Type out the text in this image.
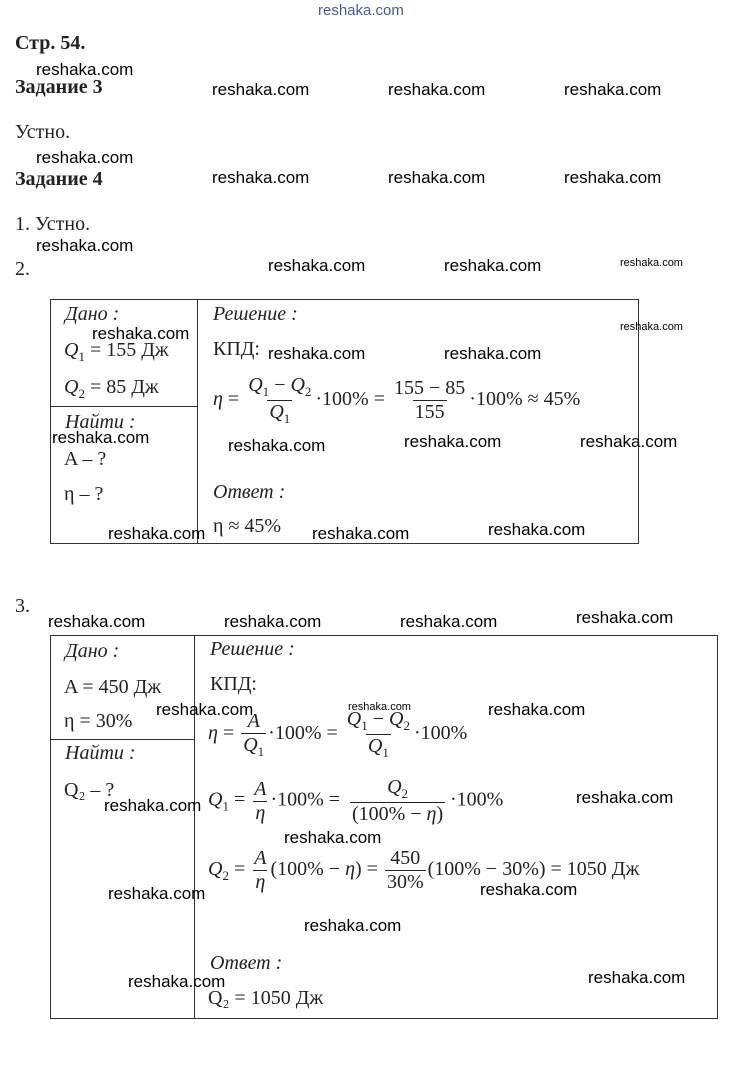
reshaka.com
Стр. 54.
Задание 3
Устно.
Задание 4
1. Устно.
2.
Дано :
$Q_1 = 155$ Дж
$Q_2 = 85$ Дж
Найти :
A – ?
η – ?
Решение :
КПД:
$\eta = \frac{Q_1 - Q_2}{Q_1} \cdot 100\% = \frac{155 - 85}{155} \cdot 100\% \approx 45\%$
Ответ :
η ≈ 45%
3.
Дано :
A = 450 Дж
η = 30%
Найти :
Q₂ – ?
Решение :
КПД:
$\eta = \frac{A}{Q_1} \cdot 100\% = \frac{Q_1 - Q_2}{Q_1} \cdot 100\%$
$Q_1 = \frac{A}{\eta} \cdot 100\% = \frac{Q_2}{(100\% - \eta)} \cdot 100\%$
$Q_2 = \frac{A}{\eta} (100\% - \eta) = \frac{450}{30\%} (100\% - 30\%) = 1050$ Дж
Ответ :
Q₂ = 1050 Дж
reshaka.com
reshaka.com	reshaka.com	reshaka.com
reshaka.com
reshaka.com	reshaka.com	reshaka.com
reshaka.com
reshaka.com	reshaka.com	reshaka.com
reshaka.com
reshaka.com	reshaka.com
reshaka.com
reshaka.com	reshaka.com	reshaka.com	reshaka.com
reshaka.com	reshaka.com	reshaka.com
reshaka.com	reshaka.com	reshaka.com	reshaka.com
reshaka.com	reshaka.com	reshaka.com
reshaka.com	reshaka.com
reshaka.com
reshaka.com	reshaka.com
reshaka.com
reshaka.com	reshaka.com
